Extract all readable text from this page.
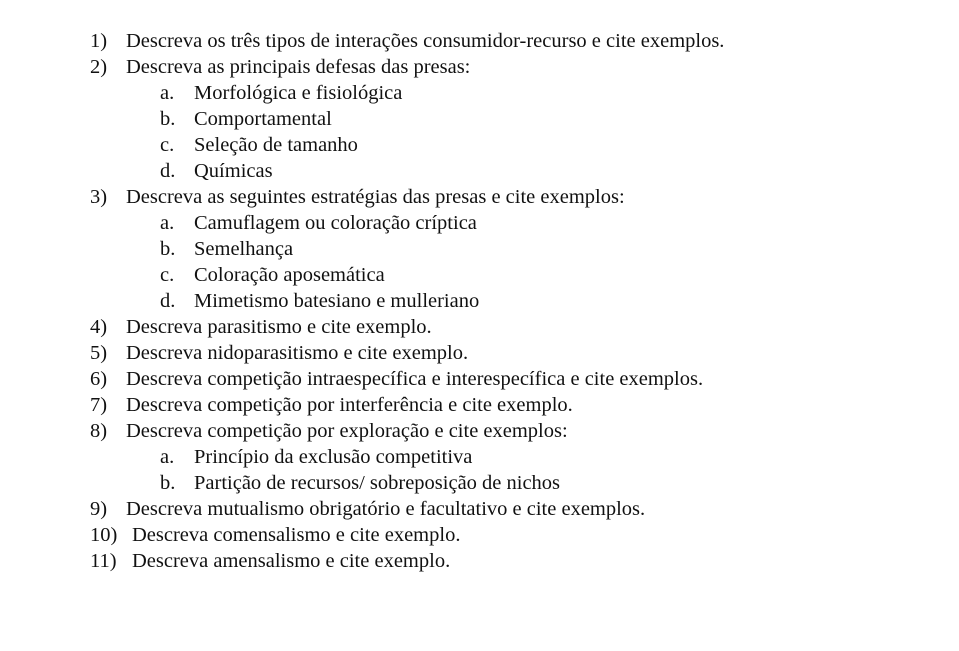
1) Descreva os três tipos de interações consumidor-recurso e cite exemplos.
2) Descreva as principais defesas das presas:
a. Morfológica e fisiológica
b. Comportamental
c. Seleção de tamanho
d. Químicas
3) Descreva as seguintes estratégias das presas e cite exemplos:
a. Camuflagem ou coloração críptica
b. Semelhança
c. Coloração aposemática
d. Mimetismo batesiano e mulleriano
4) Descreva parasitismo e cite exemplo.
5) Descreva nidoparasitismo e cite exemplo.
6) Descreva competição intraespecífica e interespecífica e cite exemplos.
7) Descreva competição por interferência e cite exemplo.
8) Descreva competição por exploração e cite exemplos:
a. Princípio da exclusão competitiva
b. Partição de recursos/ sobreposição de nichos
9) Descreva mutualismo obrigatório e facultativo e cite exemplos.
10) Descreva comensalismo e cite exemplo.
11) Descreva amensalismo e cite exemplo.
